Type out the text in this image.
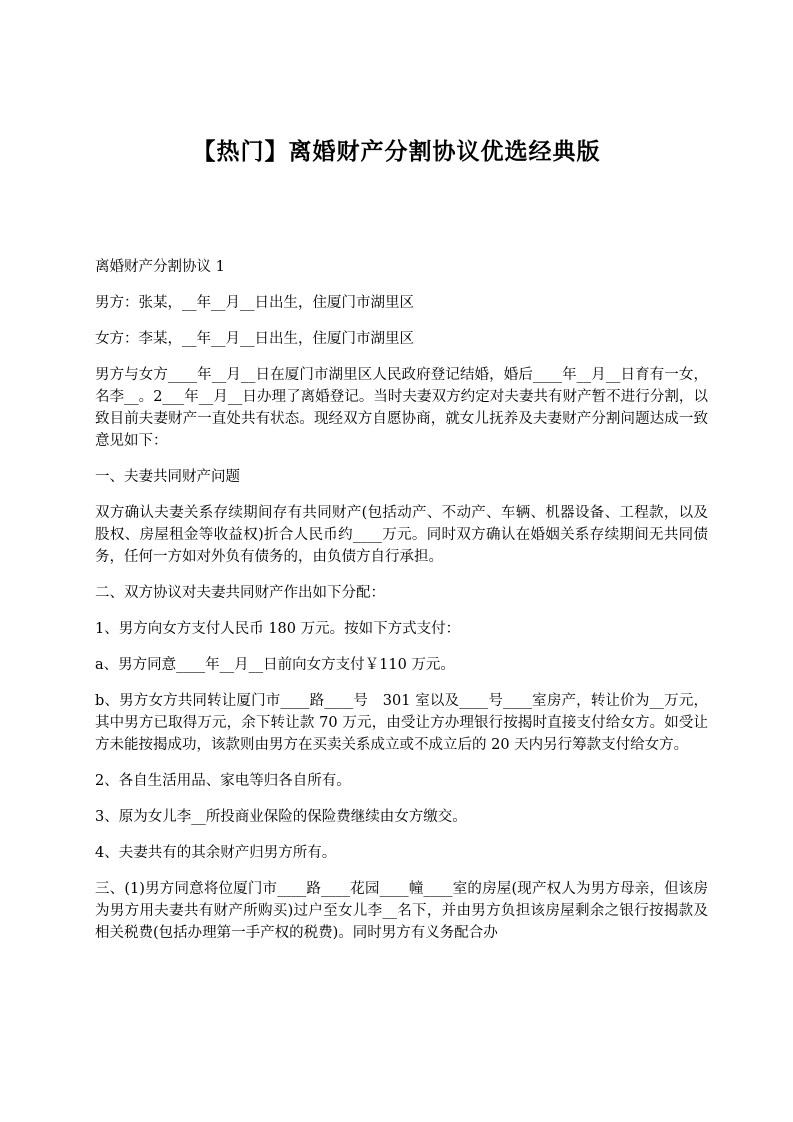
【热门】离婚财产分割协议优选经典版

离婚财产分割协议 1

男方：张某，__年__月__日出生，住厦门市湖里区

女方：李某，__年__月__日出生，住厦门市湖里区

男方与女方____年__月__日在厦门市湖里区人民政府登记结婚，婚后____年__月__日育有一女，名李__。2___年__月__日办理了离婚登记。当时夫妻双方约定对夫妻共有财产暂不进行分割，以致目前夫妻财产一直处共有状态。现经双方自愿协商，就女儿抚养及夫妻财产分割问题达成一致意见如下：

一、夫妻共同财产问题

双方确认夫妻关系存续期间存有共同财产(包括动产、不动产、车辆、机器设备、工程款，以及股权、房屋租金等收益权)折合人民币约____万元。同时双方确认在婚姻关系存续期间无共同债务，任何一方如对外负有债务的，由负债方自行承担。

二、双方协议对夫妻共同财产作出如下分配：

1、男方向女方支付人民币 180 万元。按如下方式支付：

a、男方同意____年__月__日前向女方支付￥110 万元。

b、男方女方共同转让厦门市____路____号　301 室以及____号____室房产，转让价为__万元，其中男方已取得万元，余下转让款 70 万元，由受让方办理银行按揭时直接支付给女方。如受让方未能按揭成功，该款则由男方在买卖关系成立或不成立后的 20 天内另行筹款支付给女方。

2、各自生活用品、家电等归各自所有。

3、原为女儿李__所投商业保险的保险费继续由女方缴交。

4、夫妻共有的其余财产归男方所有。

三、(1)男方同意将位厦门市____路____花园____幢____室的房屋(现产权人为男方母亲，但该房为男方用夫妻共有财产所购买)过户至女儿李__名下，并由男方负担该房屋剩余之银行按揭款及相关税费(包括办理第一手产权的税费)。同时男方有义务配合办
